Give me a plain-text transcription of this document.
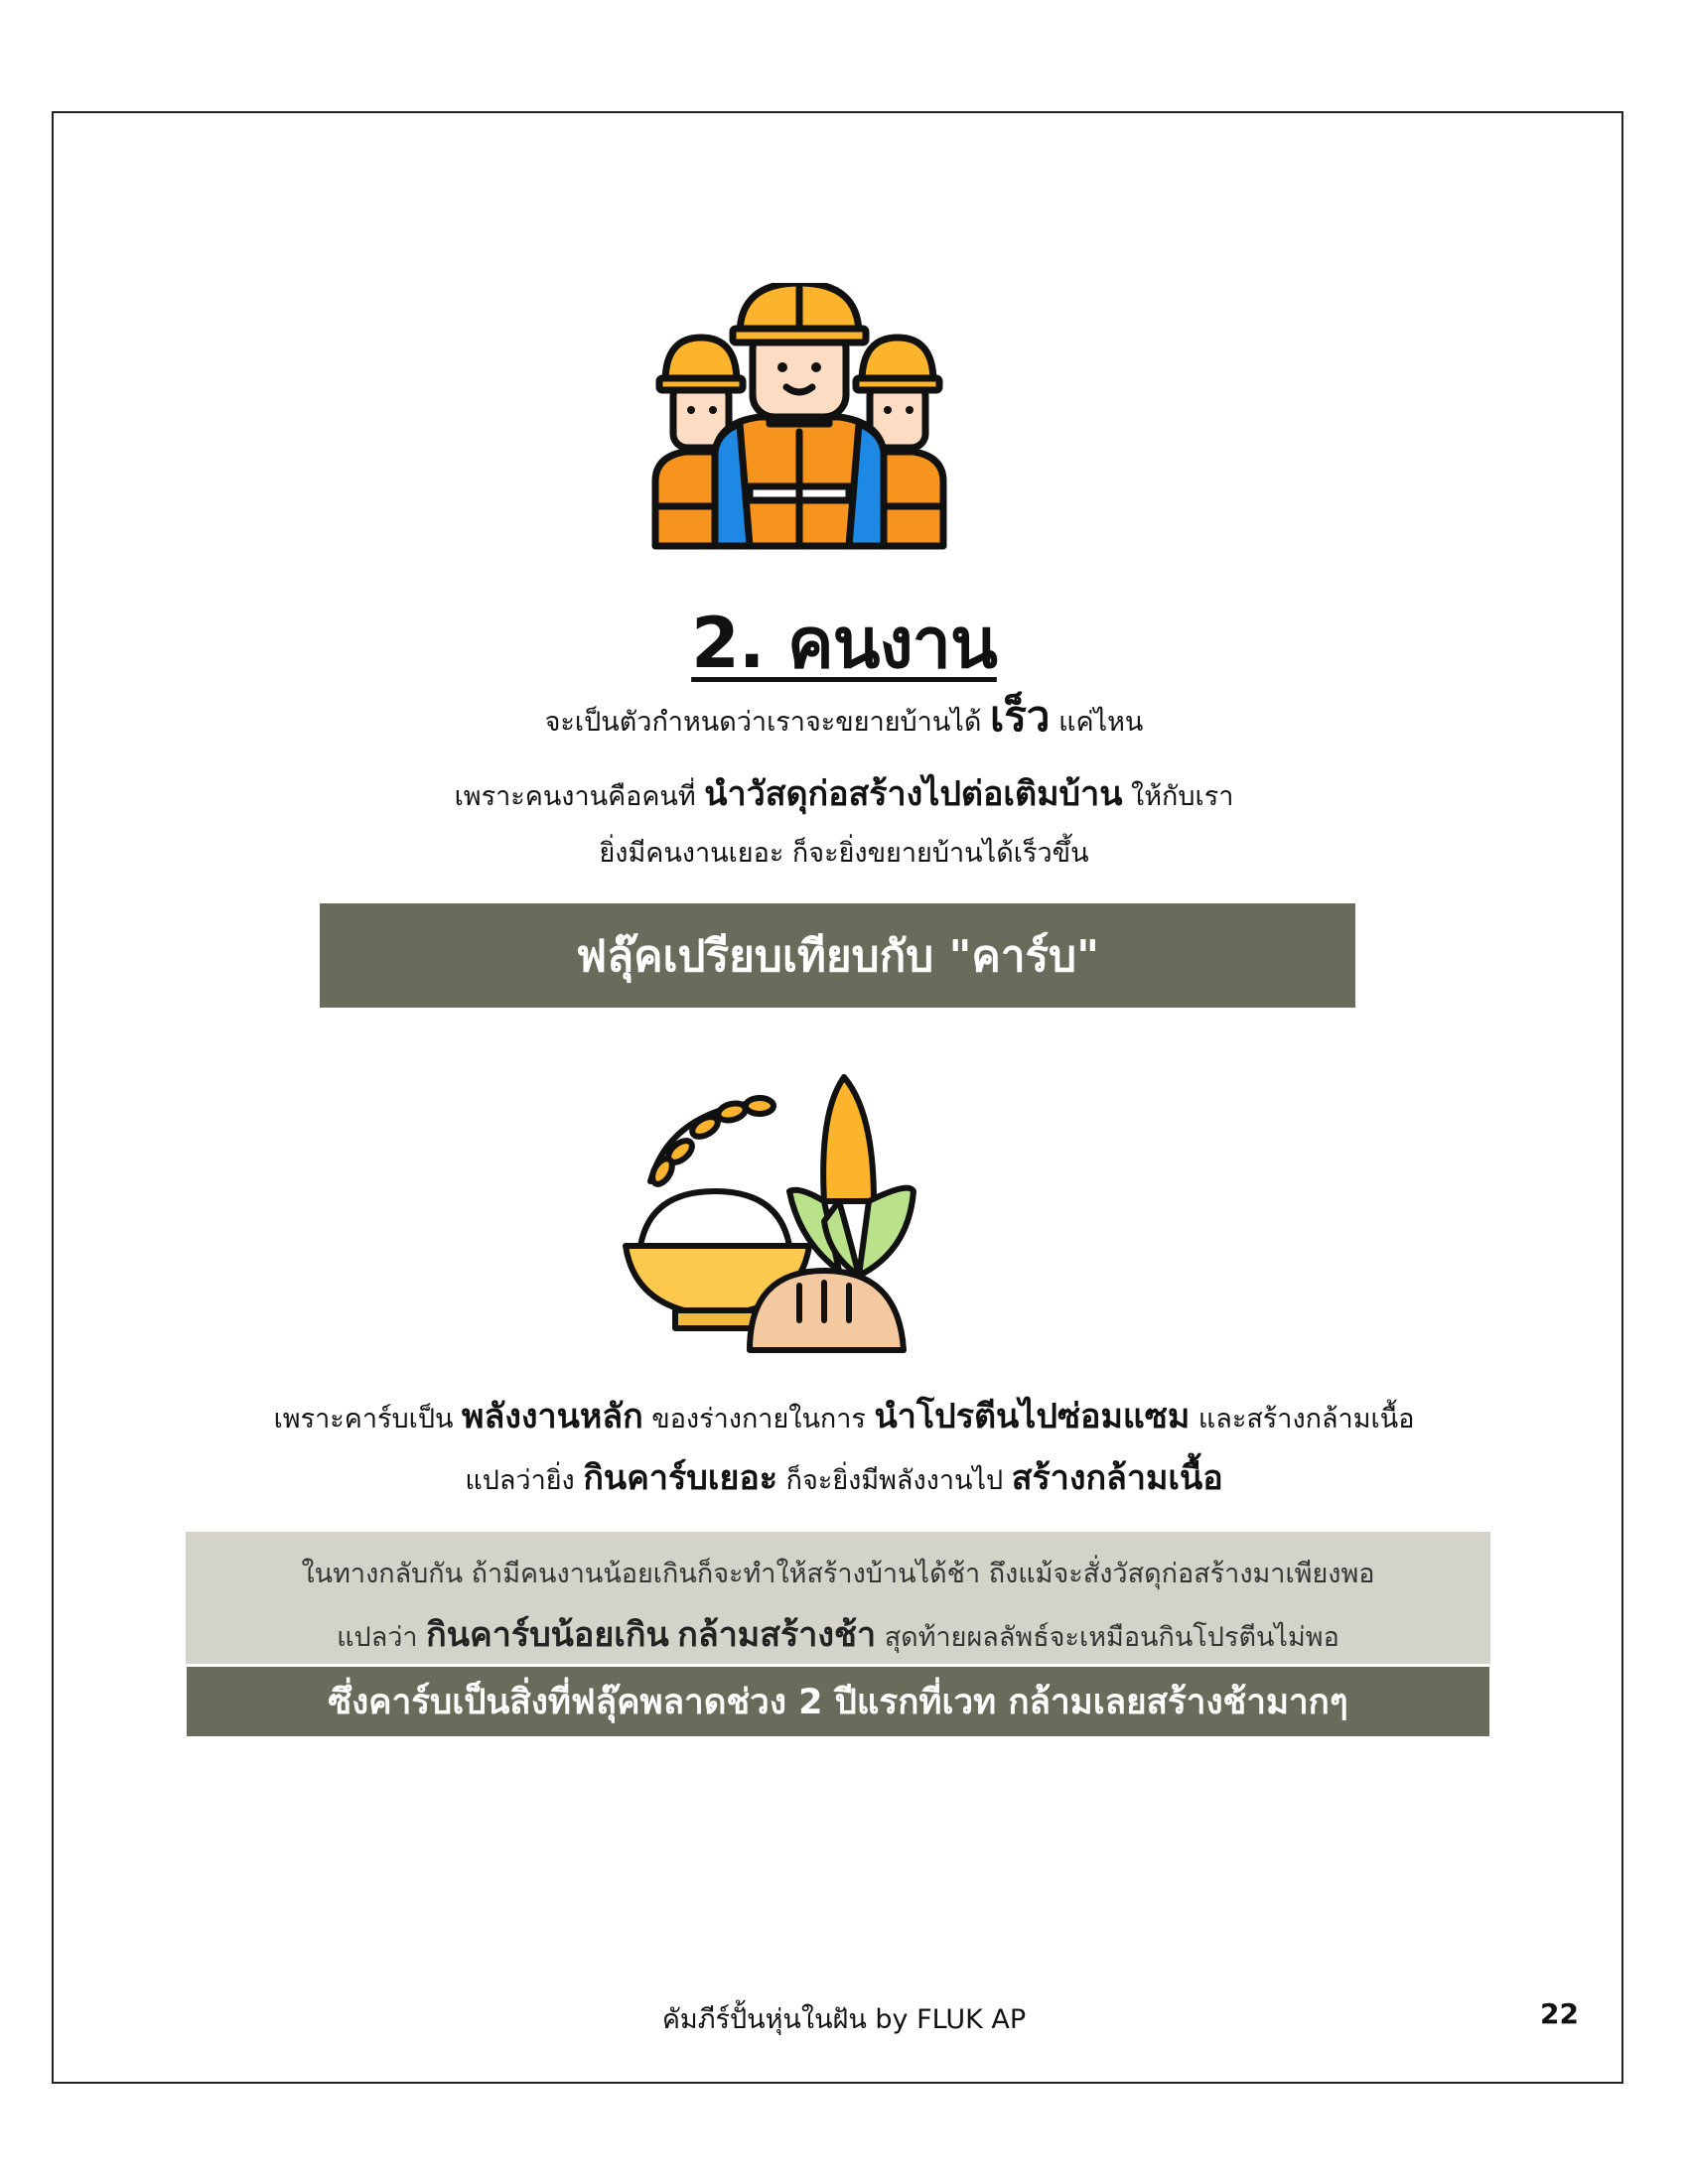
2. คนงาน
จะเป็นตัวกำหนดว่าเราจะขยายบ้านได้ เร็ว แค่ไหน
เพราะคนงานคือคนที่ นำวัสดุก่อสร้างไปต่อเติมบ้าน ให้กับเรา
ยิ่งมีคนงานเยอะ ก็จะยิ่งขยายบ้านได้เร็วขึ้น
ฟลุ๊คเปรียบเทียบกับ "คาร์บ"
เพราะคาร์บเป็น พลังงานหลัก ของร่างกายในการ นำโปรตีนไปซ่อมแซม และสร้างกล้ามเนื้อ
แปลว่ายิ่ง กินคาร์บเยอะ ก็จะยิ่งมีพลังงานไป สร้างกล้ามเนื้อ
ในทางกลับกัน ถ้ามีคนงานน้อยเกินก็จะทำให้สร้างบ้านได้ช้า ถึงแม้จะสั่งวัสดุก่อสร้างมาเพียงพอ
แปลว่า กินคาร์บน้อยเกิน กล้ามสร้างช้า สุดท้ายผลลัพธ์จะเหมือนกินโปรตีนไม่พอ
ซึ่งคาร์บเป็นสิ่งที่ฟลุ๊คพลาดช่วง 2 ปีแรกที่เวท กล้ามเลยสร้างช้ามากๆ
คัมภีร์ปั้นหุ่นในฝัน by FLUK AP	22
